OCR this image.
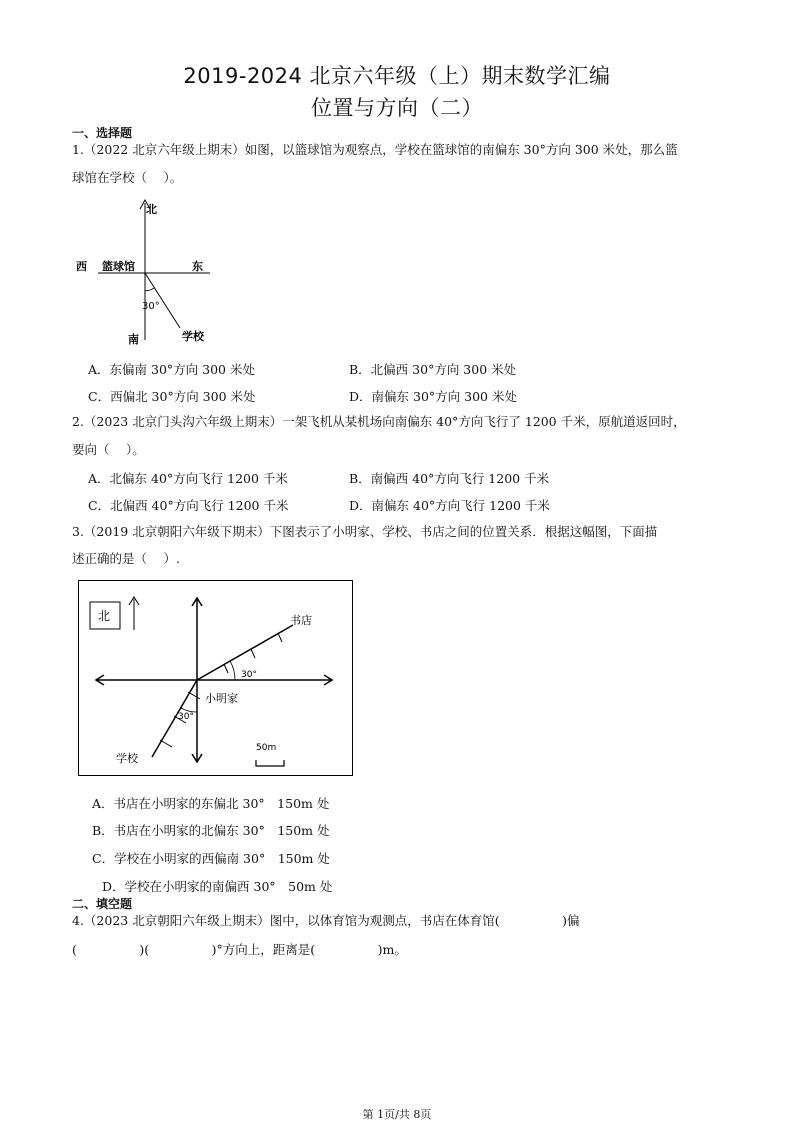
2019-2024 北京六年级（上）期末数学汇编
位置与方向（二）
一、选择题
1.（2022 北京六年级上期末）如图，以篮球馆为观察点，学校在篮球馆的南偏东 30°方向 300 米处，那么篮
球馆在学校（　 ）。
北
西	东
篮球馆
30°
学校
南
A．东偏南 30°方向 300 米处	B．北偏西 30°方向 300 米处
C．西偏北 30°方向 300 米处	D．南偏东 30°方向 300 米处
2.（2023 北京门头沟六年级上期末）一架飞机从某机场向南偏东 40°方向飞行了 1200 千米，原航道返回时，
要向（　 ）。
A．北偏东 40°方向飞行 1200 千米	B．南偏西 40°方向飞行 1200 千米
C．北偏西 40°方向飞行 1200 千米	D．南偏东 40°方向飞行 1200 千米
3.（2019 北京朝阳六年级下期末）下图表示了小明家、学校、书店之间的位置关系．根据这幅图，下面描
述正确的是（　 ）.
北
30°
30°
书店
小明家
学校
50m
A．书店在小明家的东偏北 30°　150m 处
B．书店在小明家的北偏东 30°　150m 处
C．学校在小明家的西偏南 30°　150m 处
D．学校在小明家的南偏西 30°　50m 处
二、填空题
4.（2023 北京朝阳六年级上期末）图中，以体育馆为观测点，书店在体育馆(　　　　　)偏
(　　　　　)(　　　　　)°方向上，距离是(　　　　　)m。
第 1页/共 8页
